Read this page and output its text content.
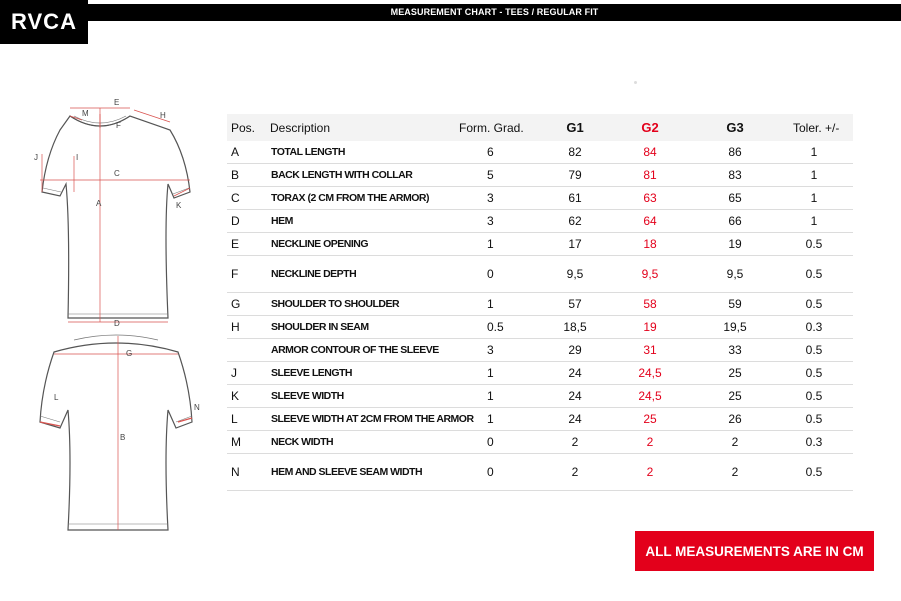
RVCA	MEASUREMENT CHART - TEES / REGULAR FIT
A
C
D
E
F
H
I
J
K
M
G
B
L
N
Pos.	Description	Form. Grad.	G1	G2	G3	Toler. +/-
A	TOTAL LENGTH	6	82	84	86	1
B	BACK LENGTH WITH COLLAR	5	79	81	83	1
C	TORAX (2 CM FROM THE ARMOR)	3	61	63	65	1
D	HEM	3	62	64	66	1
E	NECKLINE OPENING	1	17	18	19	0.5
F	NECKLINE DEPTH	0	9,5	9,5	9,5	0.5
G	SHOULDER TO SHOULDER	1	57	58	59	0.5
H	SHOULDER IN SEAM	0.5	18,5	19	19,5	0.3
ARMOR CONTOUR OF THE SLEEVE	3	29	31	33	0.5
J	SLEEVE LENGTH	1	24	24,5	25	0.5
K	SLEEVE WIDTH	1	24	24,5	25	0.5
L	SLEEVE WIDTH AT 2CM FROM THE ARMOR	1	24	25	26	0.5
M	NECK WIDTH	0	2	2	2	0.3
N	HEM AND SLEEVE SEAM WIDTH	0	2	2	2	0.5
ALL MEASUREMENTS ARE IN CM
